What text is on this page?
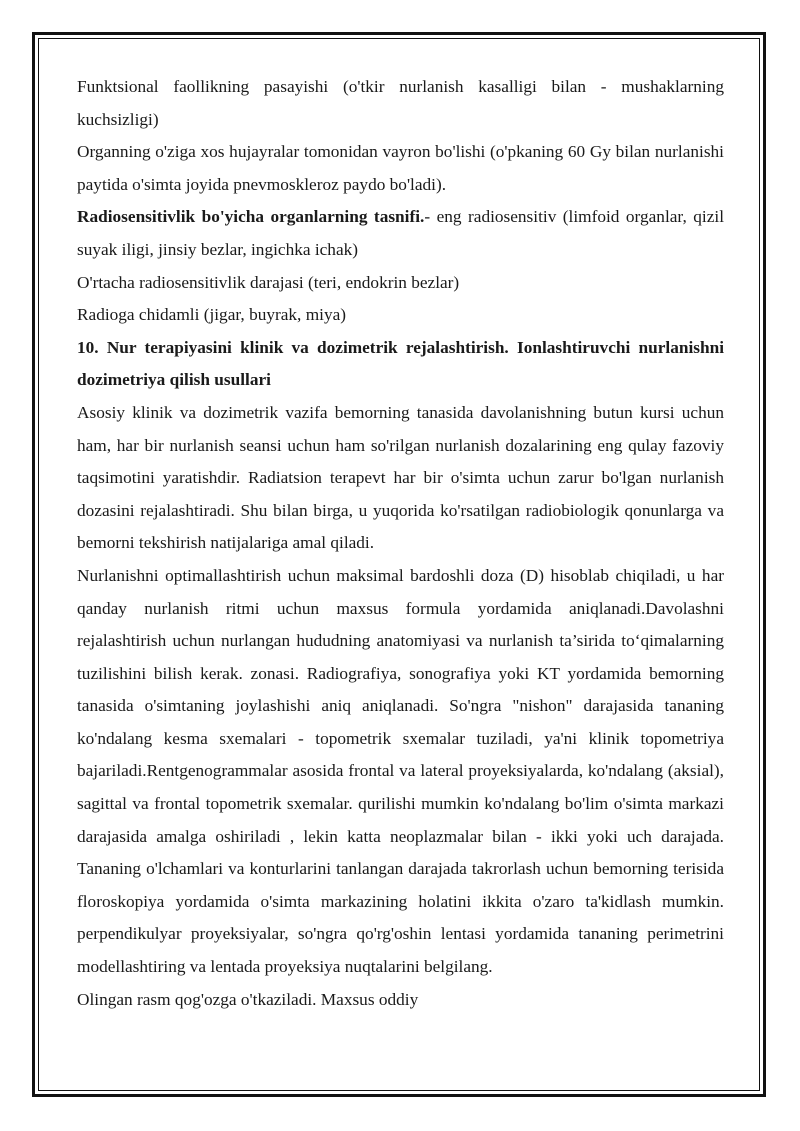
Funktsional faollikning pasayishi (o'tkir nurlanish kasalligi bilan - mushaklarning kuchsizligi)

Organning o'ziga xos hujayralar tomonidan vayron bo'lishi (o'pkaning 60 Gy bilan nurlanishi paytida o'simta joyida pnevmoskleroz paydo bo'ladi).

Radiosensitivlik bo'yicha organlarning tasnifi.- eng radiosensitiv (limfoid organlar, qizil suyak iligi, jinsiy bezlar, ingichka ichak)

O'rtacha radiosensitivlik darajasi (teri, endokrin bezlar)

Radioga chidamli (jigar, buyrak, miya)

10. Nur terapiyasini klinik va dozimetrik rejalashtirish. Ionlashtiruvchi nurlanishni dozimetriya qilish usullari

Asosiy klinik va dozimetrik vazifa bemorning tanasida davolanishning butun kursi uchun ham, har bir nurlanish seansi uchun ham so'rilgan nurlanish dozalarining eng qulay fazoviy taqsimotini yaratishdir. Radiatsion terapevt har bir o'simta uchun zarur bo'lgan nurlanish dozasini rejalashtiradi. Shu bilan birga, u yuqorida ko'rsatilgan radiobiologik qonunlarga va bemorni tekshirish natijalariga amal qiladi.

Nurlanishni optimallashtirish uchun maksimal bardoshli doza (D) hisoblab chiqiladi, u har qanday nurlanish ritmi uchun maxsus formula yordamida aniqlanadi.Davolashni rejalashtirish uchun nurlangan hududning anatomiyasi va nurlanish ta’sirida to‘qimalarning tuzilishini bilish kerak. zonasi. Radiografiya, sonografiya yoki KT yordamida bemorning tanasida o'simtaning joylashishi aniq aniqlanadi. So'ngra "nishon" darajasida tananing ko'ndalang kesma sxemalari - topometrik sxemalar tuziladi, ya'ni klinik topometriya bajariladi.Rentgenogrammalar asosida frontal va lateral proyeksiyalarda, ko'ndalang (aksial), sagittal va frontal topometrik sxemalar. qurilishi mumkin ko'ndalang bo'lim o'simta markazi darajasida amalga oshiriladi , lekin katta neoplazmalar bilan - ikki yoki uch darajada. Tananing o'lchamlari va konturlarini tanlangan darajada takrorlash uchun bemorning terisida floroskopiya yordamida o'simta markazining holatini ikkita o'zaro ta'kidlash mumkin. perpendikulyar proyeksiyalar, so'ngra qo'rg'oshin lentasi yordamida tananing perimetrini modellashtiring va lentada proyeksiya nuqtalarini belgilang.

Olingan rasm qog'ozga o'tkaziladi. Maxsus oddiy
